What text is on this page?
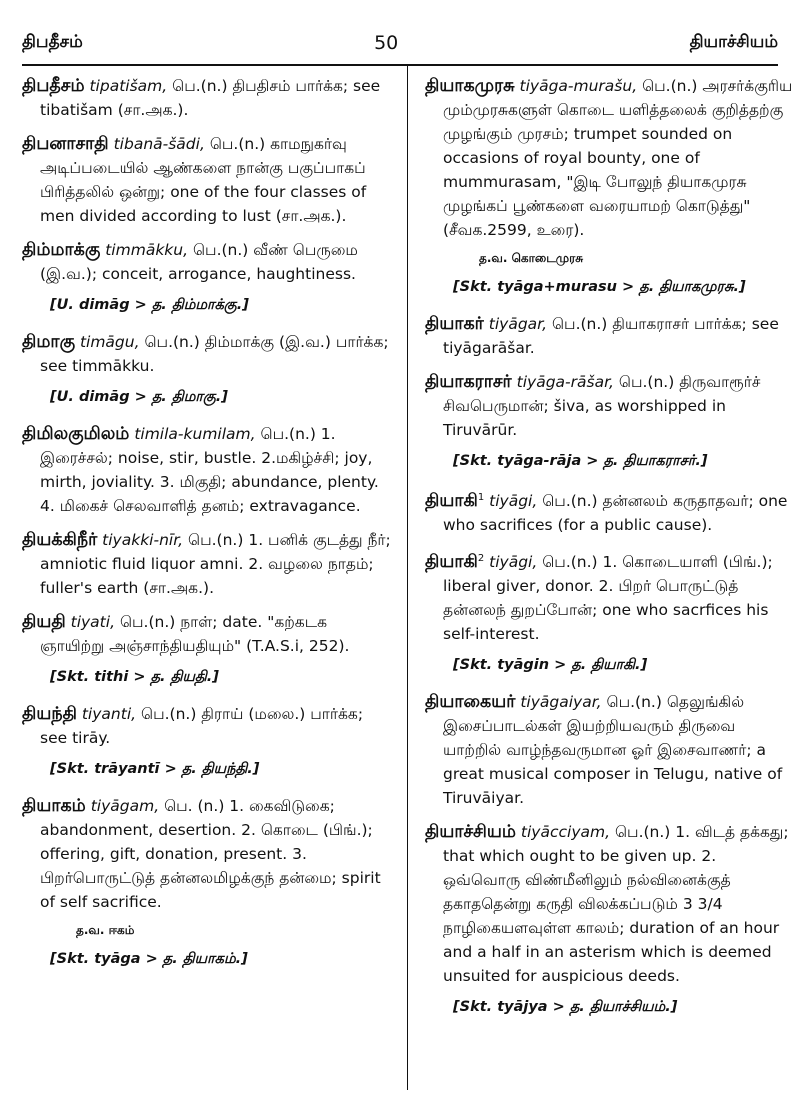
திபதீசம்	50	தியாச்சியம்

திபதீசம் tipatišam, பெ.(n.) திபதிசம் பார்க்க; see tibatišam (சா.அக.).

திபனாசாதி tibanā-šādi, பெ.(n.) காமநுகர்வு அடிப்படையில் ஆண்களை நான்கு பகுப்பாகப் பிரித்தலில் ஒன்று; one of the four classes of men divided according to lust (சா.அக.).

திம்மாக்கு timmākku, பெ.(n.) வீண் பெருமை (இ.வ.); conceit, arrogance, haughtiness.

[U. dimāg > த. திம்மாக்கு.]

திமாகு timāgu, பெ.(n.) திம்மாக்கு (இ.வ.) பார்க்க; see timmākku.

[U. dimāg > த. திமாகு.]

திமிலகுமிலம் timila-kumilam, பெ.(n.) 1. இரைச்சல்; noise, stir, bustle. 2.மகிழ்ச்சி; joy, mirth, joviality. 3. மிகுதி; abundance, plenty. 4. மிகைச் செலவாளித் தனம்; extravagance.

தியக்கிநீர் tiyakki-nīr, பெ.(n.) 1. பனிக் குடத்து நீர்; amniotic fluid liquor amni. 2. வழலை நாதம்; fuller's earth (சா.அக.).

தியதி tiyati, பெ.(n.) நாள்; date. "கற்கடக ஞாயிற்று அஞ்சாந்தியதியும்" (T.A.S.i, 252).

[Skt. tithi > த. தியதி.]

தியந்தி tiyanti, பெ.(n.) திராய் (மலை.) பார்க்க; see tirāy.

[Skt. trāyantī > த. தியந்தி.]

தியாகம் tiyāgam, பெ. (n.) 1. கைவிடுகை; abandonment, desertion. 2. கொடை (பிங்.); offering, gift, donation, present. 3. பிறர்பொருட்டுத் தன்னலமிழக்குந் தன்மை; spirit of self sacrifice.

த.வ. ஈகம்
[Skt. tyāga > த. தியாகம்.]

தியாகமுரசு tiyāga-murašu, பெ.(n.) அரசர்க்குரிய மும்முரசுகளுள் கொடை யளித்தலைக் குறித்தற்கு முழங்கும் முரசம்; trumpet sounded on occasions of royal bounty, one of mummurasam, "இடி போலுந் தியாகமுரசு முழங்கப் பூண்களை வரையாமற் கொடுத்து" (சீவக.2599, உரை).

த.வ. கொடைமுரசு
[Skt. tyāga+murasu > த. தியாகமுரசு.]

தியாகர் tiyāgar, பெ.(n.) தியாகராசர் பார்க்க; see tiyāgarāšar.

தியாகராசர் tiyāga-rāšar, பெ.(n.) திருவாரூர்ச் சிவபெருமான்; šiva, as worshipped in Tiruvārūr.

[Skt. tyāga-rāja > த. தியாகராசர்.]

தியாகி$^1$ tiyāgi, பெ.(n.) தன்னலம் கருதாதவர்; one who sacrifices (for a public cause).

தியாகி$^2$ tiyāgi, பெ.(n.) 1. கொடையாளி (பிங்.); liberal giver, donor. 2. பிறர் பொருட்டுத் தன்னலந் துறப்போன்; one who sacrfices his self-interest.

[Skt. tyāgin > த. தியாகி.]

தியாகையர் tiyāgaiyar, பெ.(n.) தெலுங்கில் இசைப்பாடல்கள் இயற்றியவரும் திருவை யாற்றில் வாழ்ந்தவருமான ஓர் இசைவாணர்; a great musical composer in Telugu, native of Tiruvāiyar.

தியாச்சியம் tiyācciyam, பெ.(n.) 1. விடத் தக்கது; that which ought to be given up. 2. ஒவ்வொரு விண்மீனிலும் நல்வினைக்குத் தகாததென்று கருதி விலக்கப்படும் 3 3/4 நாழிகையளவுள்ள காலம்; duration of an hour and a half in an asterism which is deemed unsuited for auspicious deeds.

[Skt. tyājya > த. தியாச்சியம்.]
